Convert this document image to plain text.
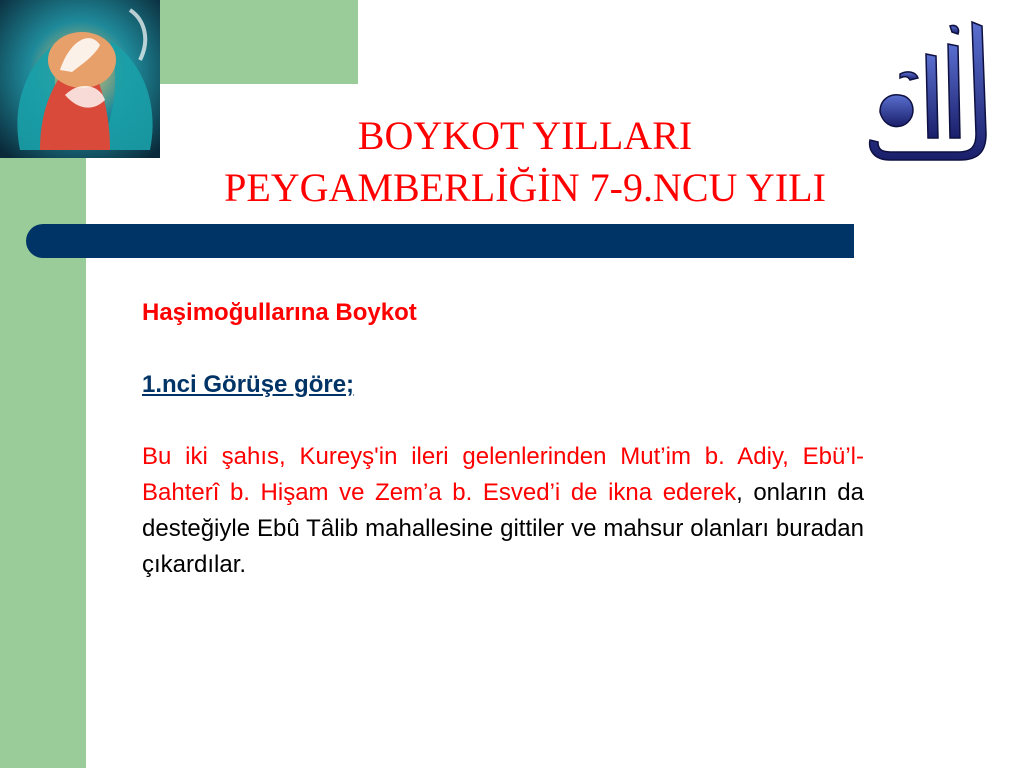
BOYKOT YILLARI
PEYGAMBERLİĞİN 7-9.NCU YILI

Haşimoğullarına Boykot

1.nci Görüşe göre;

Bu iki şahıs, Kureyş'in ileri gelenlerinden Mut’im b. Adiy, Ebü’l-Bahterî b. Hişam ve Zem’a b. Esved’i de ikna ederek, onların da desteğiyle Ebû Tâlib mahallesine gittiler ve mahsur olanları buradan çıkardılar.
